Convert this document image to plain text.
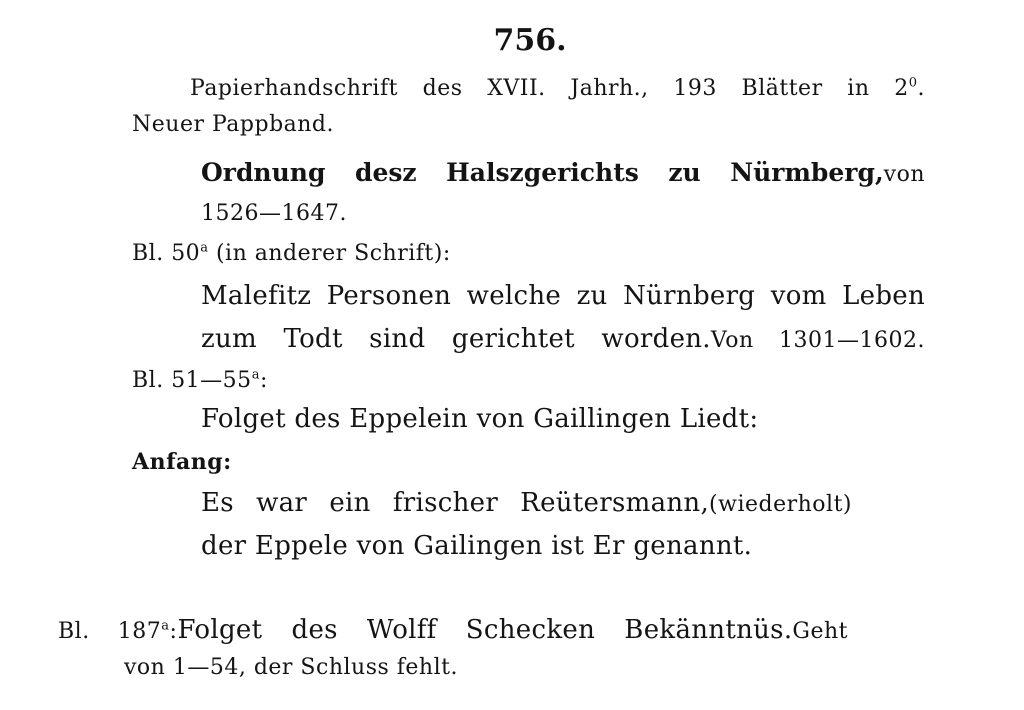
756.
Papierhandschrift des XVII. Jahrh., 193 Blätter in $2^0$.
Neuer Pappband.
Ordnung desz Halszgerichts zu Nürmberg,von
1526—1647.
Bl. 50$^a$ (in anderer Schrift):
Malefitz Personen welche zu Nürnberg vom Leben
zum Todt sind gerichtet worden.Von 1301—1602.
Bl. 51—55$^a$:
Folget des Eppelein von Gaillingen Liedt:
Anfang:
Es war ein frischer Reütersmann,(wiederholt)
der Eppele von Gailingen ist Er genannt.
Bl. 187$^a$:Folget des Wolff Schecken Bekänntnüs.Geht
von 1—54, der Schluss fehlt.
